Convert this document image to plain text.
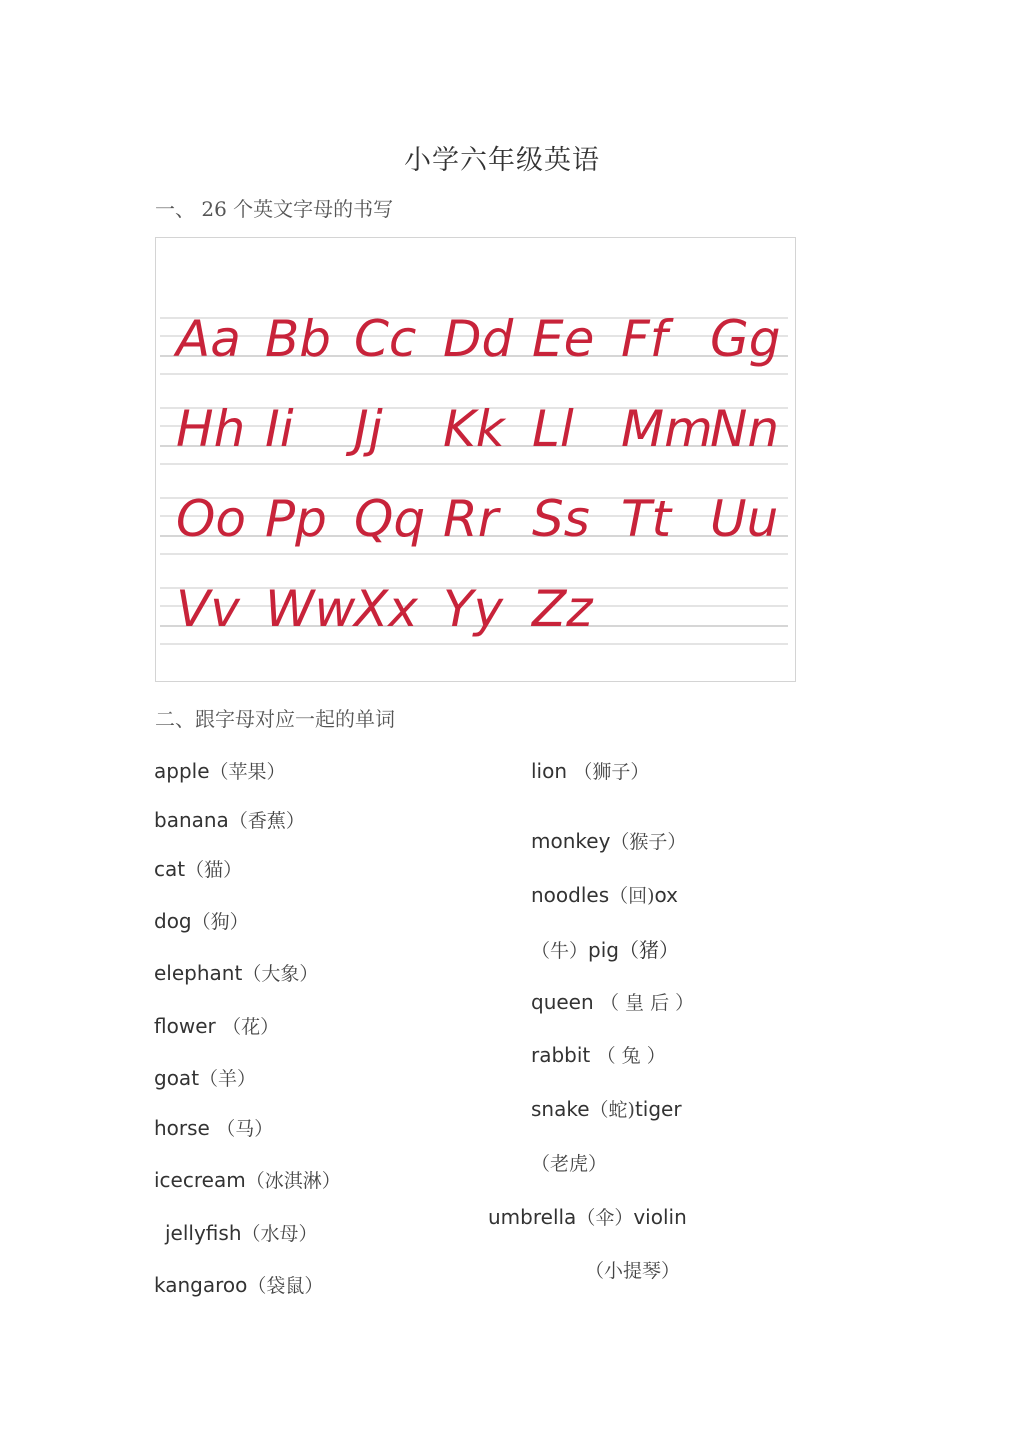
小学六年级英语
一、 26 个英文字母的书写
Aa Bb Cc Dd Ee Ff Gg
Hh Ii Jj Kk Ll Mm
Nn
Oo Pp Qq Rr Ss Tt Uu
Vv Ww
Xx Yy Zz
二、跟字母对应一起的单词
apple（苹果）
banana（香蕉）
cat（猫）
dog（狗）
elephant（大象）
flower （花）
goat（羊）
horse （马）
icecream（冰淇淋）
jellyfish（水母）
kangaroo（袋鼠）
lion （狮子）
monkey（猴子）
noodles（回)ox
（牛）pig（猪）
queen （ 皇 后 ）
rabbit （ 兔 ）
snake（蛇)tiger
（老虎）
umbrella（伞）violin
（小提琴）
